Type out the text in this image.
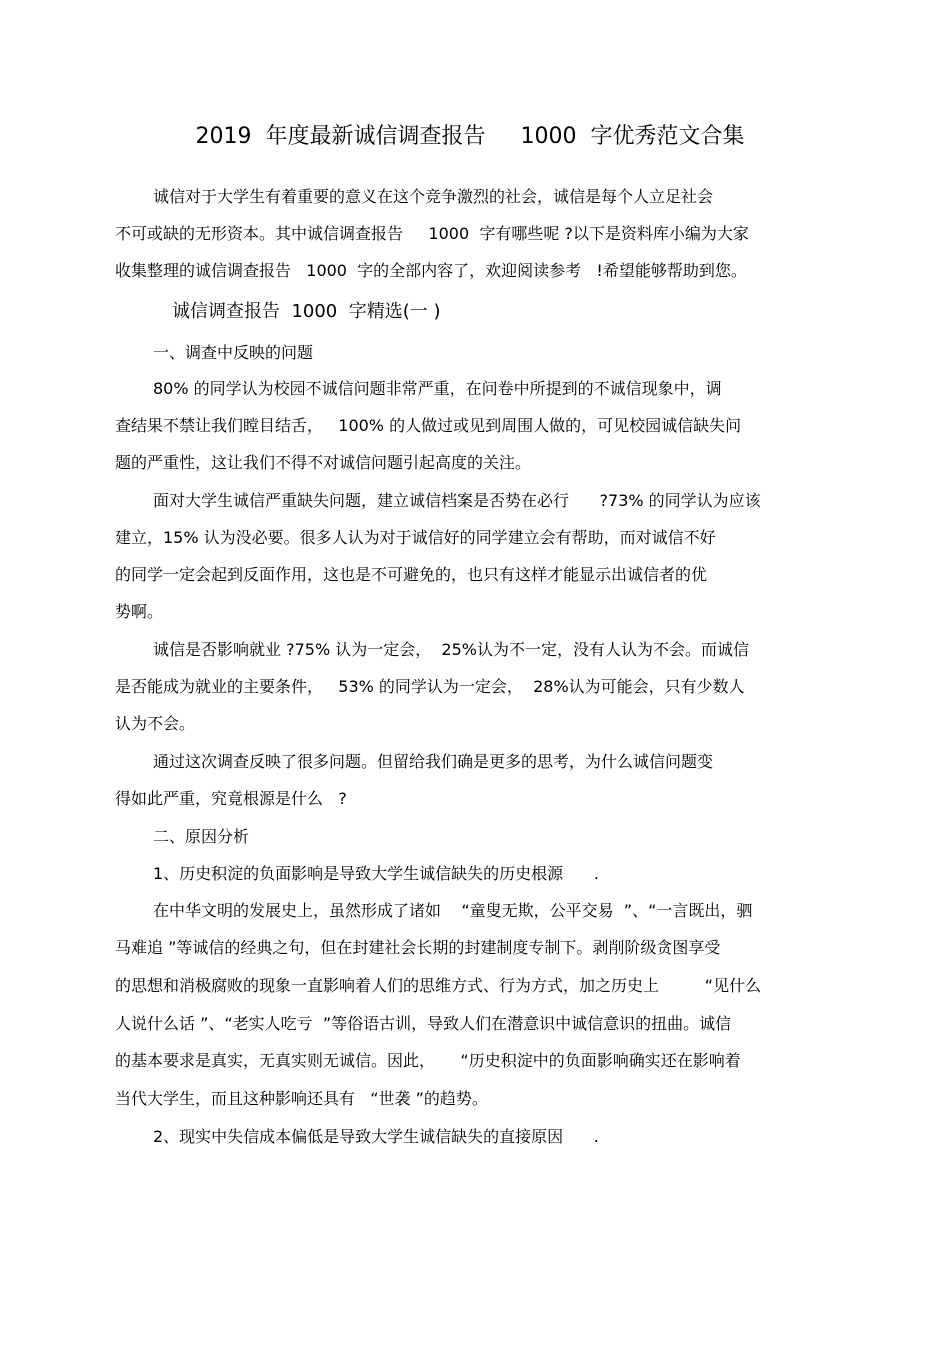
2019  年度最新诚信调查报告     1000  字优秀范文合集
诚信对于大学生有着重要的意义在这个竞争激烈的社会，诚信是每个人立足社会
不可或缺的无形资本。其中诚信调查报告     1000  字有哪些呢 ?以下是资料库小编为大家
收集整理的诚信调查报告   1000  字的全部内容了，欢迎阅读参考   !希望能够帮助到您。
诚信调查报告  1000  字精选(一 )
一、调查中反映的问题
80% 的同学认为校园不诚信问题非常严重，在问卷中所提到的不诚信现象中，调
查结果不禁让我们瞠目结舌，   100% 的人做过或见到周围人做的，可见校园诚信缺失问
题的严重性，这让我们不得不对诚信问题引起高度的关注。
面对大学生诚信严重缺失问题，建立诚信档案是否势在必行      ?73% 的同学认为应该
建立，15% 认为没必要。很多人认为对于诚信好的同学建立会有帮助，而对诚信不好
的同学一定会起到反面作用，这也是不可避免的，也只有这样才能显示出诚信者的优
势啊。
诚信是否影响就业 ?75% 认为一定会，  25%认为不一定，没有人认为不会。而诚信
是否能成为就业的主要条件，   53% 的同学认为一定会，  28%认为可能会，只有少数人
认为不会。
通过这次调查反映了很多问题。但留给我们确是更多的思考，为什么诚信问题变
得如此严重，究竟根源是什么   ?
二、原因分析
1、历史积淀的负面影响是导致大学生诚信缺失的历史根源      .
在中华文明的发展史上，虽然形成了诸如    “童叟无欺，公平交易  ”、“一言既出，驷
马难追 ”等诚信的经典之句，但在封建社会长期的封建制度专制下。剥削阶级贪图享受
的思想和消极腐败的现象一直影响着人们的思维方式、行为方式，加之历史上         “见什么
人说什么话 ”、“老实人吃亏  ”等俗语古训，导致人们在潜意识中诚信意识的扭曲。诚信
的基本要求是真实，无真实则无诚信。因此，     “历史积淀中的负面影响确实还在影响着
当代大学生，而且这种影响还具有   “世袭 ”的趋势。
2、现实中失信成本偏低是导致大学生诚信缺失的直接原因      .
